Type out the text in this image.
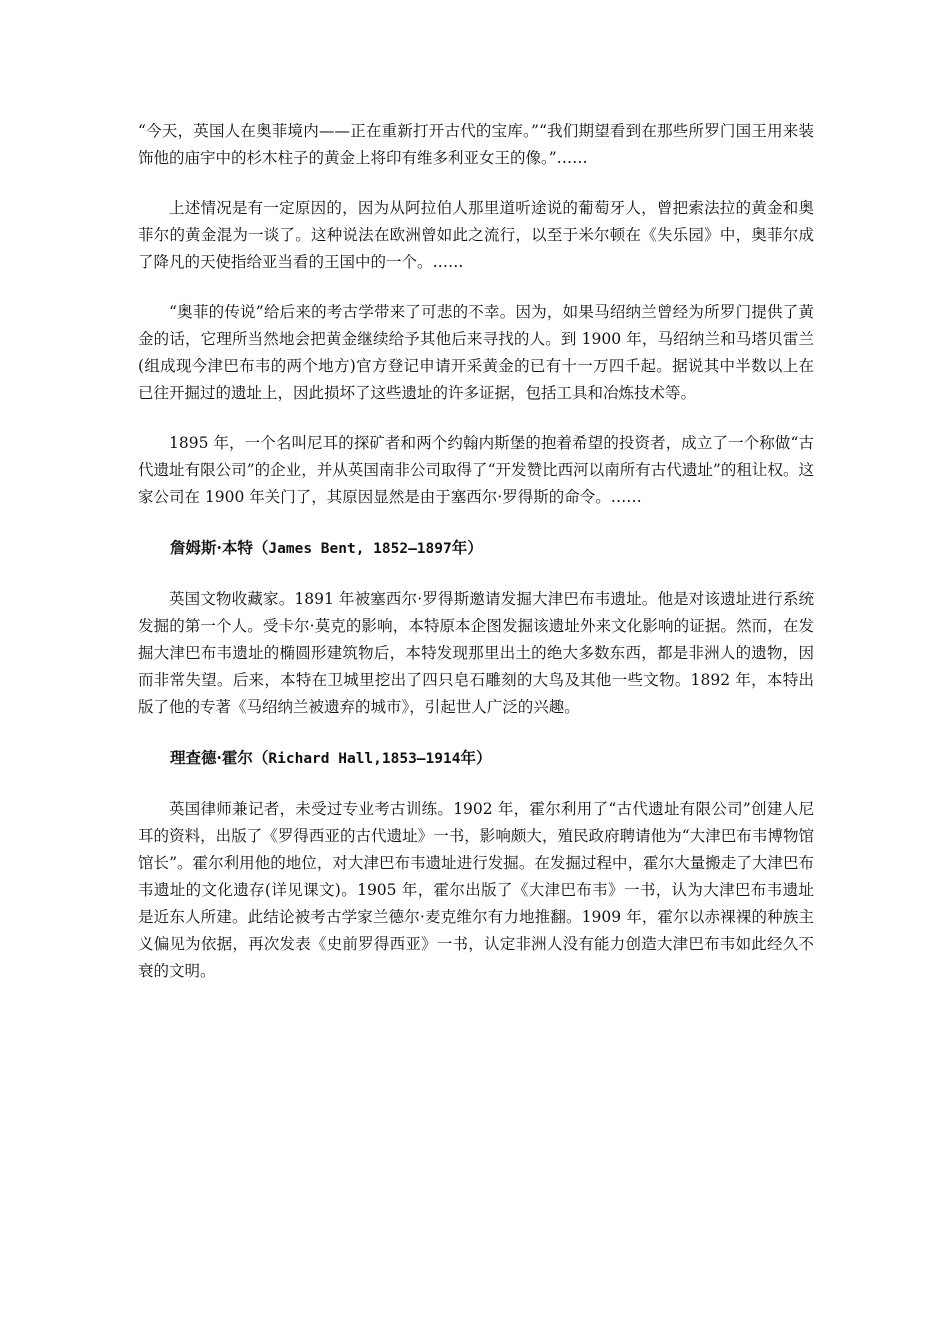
“今天，英国人在奥菲境内——正在重新打开古代的宝库。”“我们期望看到在那些所罗门国王用来装饰他的庙宇中的杉木柱子的黄金上将印有维多利亚女王的像。”……

上述情况是有一定原因的，因为从阿拉伯人那里道听途说的葡萄牙人，曾把索法拉的黄金和奥菲尔的黄金混为一谈了。这种说法在欧洲曾如此之流行，以至于米尔顿在《失乐园》中，奥菲尔成了降凡的天使指给亚当看的王国中的一个。……

“奥菲的传说”给后来的考古学带来了可悲的不幸。因为，如果马绍纳兰曾经为所罗门提供了黄金的话，它理所当然地会把黄金继续给予其他后来寻找的人。到 1900 年，马绍纳兰和马塔贝雷兰(组成现今津巴布韦的两个地方)官方登记申请开采黄金的已有十一万四千起。据说其中半数以上在已往开掘过的遗址上，因此损坏了这些遗址的许多证据，包括工具和冶炼技术等。

1895 年，一个名叫尼耳的探矿者和两个约翰内斯堡的抱着希望的投资者，成立了一个称做“古代遗址有限公司”的企业，并从英国南非公司取得了“开发赞比西河以南所有古代遗址”的租让权。这家公司在 1900 年关门了，其原因显然是由于塞西尔·罗得斯的命令。……

詹姆斯·本特（James Bent, 1852—1897年）

英国文物收藏家。1891 年被塞西尔·罗得斯邀请发掘大津巴布韦遗址。他是对该遗址进行系统发掘的第一个人。受卡尔·莫克的影响，本特原本企图发掘该遗址外来文化影响的证据。然而，在发掘大津巴布韦遗址的椭圆形建筑物后，本特发现那里出土的绝大多数东西，都是非洲人的遗物，因而非常失望。后来，本特在卫城里挖出了四只皂石雕刻的大鸟及其他一些文物。1892 年，本特出版了他的专著《马绍纳兰被遗弃的城市》，引起世人广泛的兴趣。

理查德·霍尔（Richard Hall,1853—1914年）

英国律师兼记者，未受过专业考古训练。1902 年，霍尔利用了“古代遗址有限公司”创建人尼耳的资料，出版了《罗得西亚的古代遗址》一书，影响颇大，殖民政府聘请他为“大津巴布韦博物馆馆长”。霍尔利用他的地位，对大津巴布韦遗址进行发掘。在发掘过程中，霍尔大量搬走了大津巴布韦遗址的文化遗存(详见课文)。1905 年，霍尔出版了《大津巴布韦》一书，认为大津巴布韦遗址是近东人所建。此结论被考古学家兰德尔·麦克维尔有力地推翻。1909 年，霍尔以赤裸裸的种族主义偏见为依据，再次发表《史前罗得西亚》一书，认定非洲人没有能力创造大津巴布韦如此经久不衰的文明。
